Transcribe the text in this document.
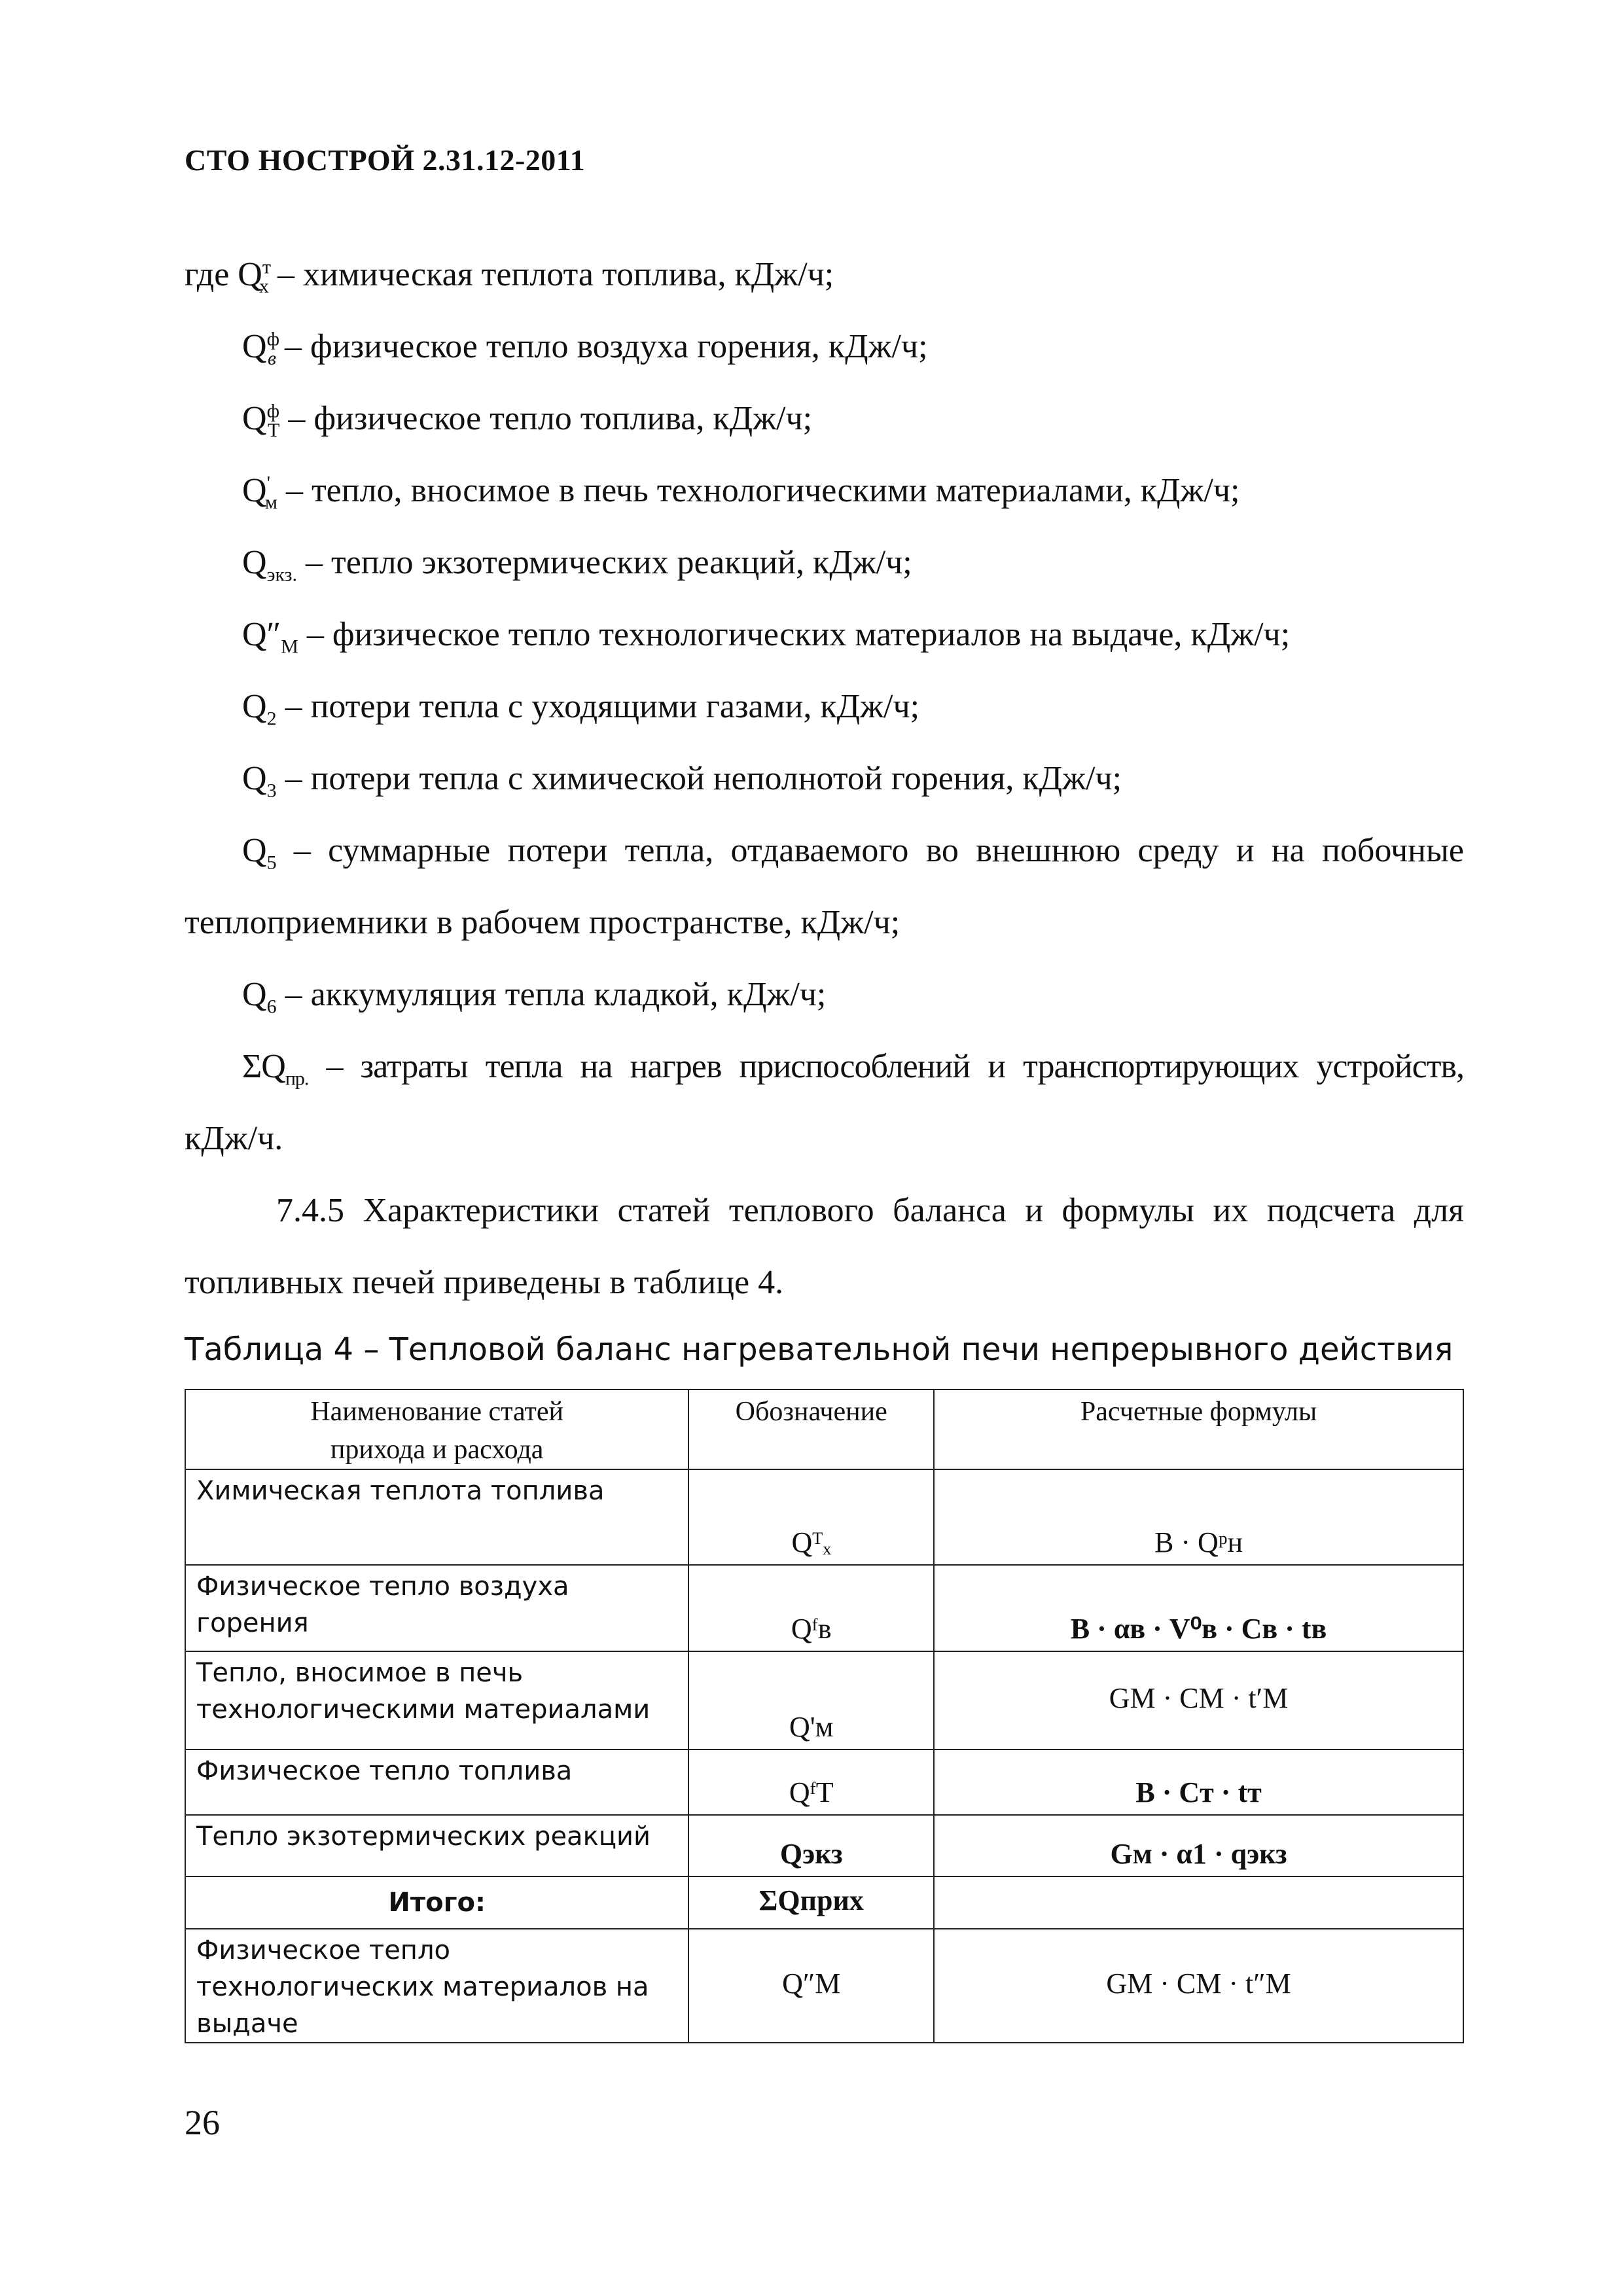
СТО НОСТРОЙ 2.31.12-2011
где $Q^т_х$ – химическая теплота топлива, кДж/ч;
$Q^ф_в$ – физическое тепло воздуха горения, кДж/ч;
$Q^ф_Т$ – физическое тепло топлива, кДж/ч;
$Q'_м$ – тепло, вносимое в печь технологическими материалами, кДж/ч;
$Q_{экз.}$ – тепло экзотермических реакций, кДж/ч;
$Q''_М$ – физическое тепло технологических материалов на выдаче, кДж/ч;
$Q_2$ – потери тепла с уходящими газами, кДж/ч;
$Q_3$ – потери тепла с химической неполнотой горения, кДж/ч;
$Q_5$ – суммарные потери тепла, отдаваемого во внешнюю среду и на побочные
теплоприемники в рабочем пространстве, кДж/ч;
$Q_6$ – аккумуляция тепла кладкой, кДж/ч;
$\Sigma Q_{пр.}$ – затраты тепла на нагрев приспособлений и транспортирующих устройств,
кДж/ч.
7.4.5 Характеристики статей теплового баланса и формулы их подсчета для
топливных печей приведены в таблице 4.
Таблица 4 – Тепловой баланс нагревательной печи непрерывного действия
Наименование статей
прихода и расхода	Обозначение	Расчетные формулы
Химическая теплота топлива	Qᵀₓ	B · Qᵖн
Физическое тепло воздуха горения	Qᶠв	B · αв · V⁰в · Cв · tв
Тепло, вносимое в печь технологическими материалами	Q'м	GМ · CМ · t′М
Физическое тепло топлива	QᶠТ	B · Cт · tт
Тепло экзотермических реакций	Qэкз	Gм · α1 · qэкз
Итого:	ΣQприх	
Физическое тепло технологических материалов на выдаче	Q″М	GМ · CМ · t″М
26
